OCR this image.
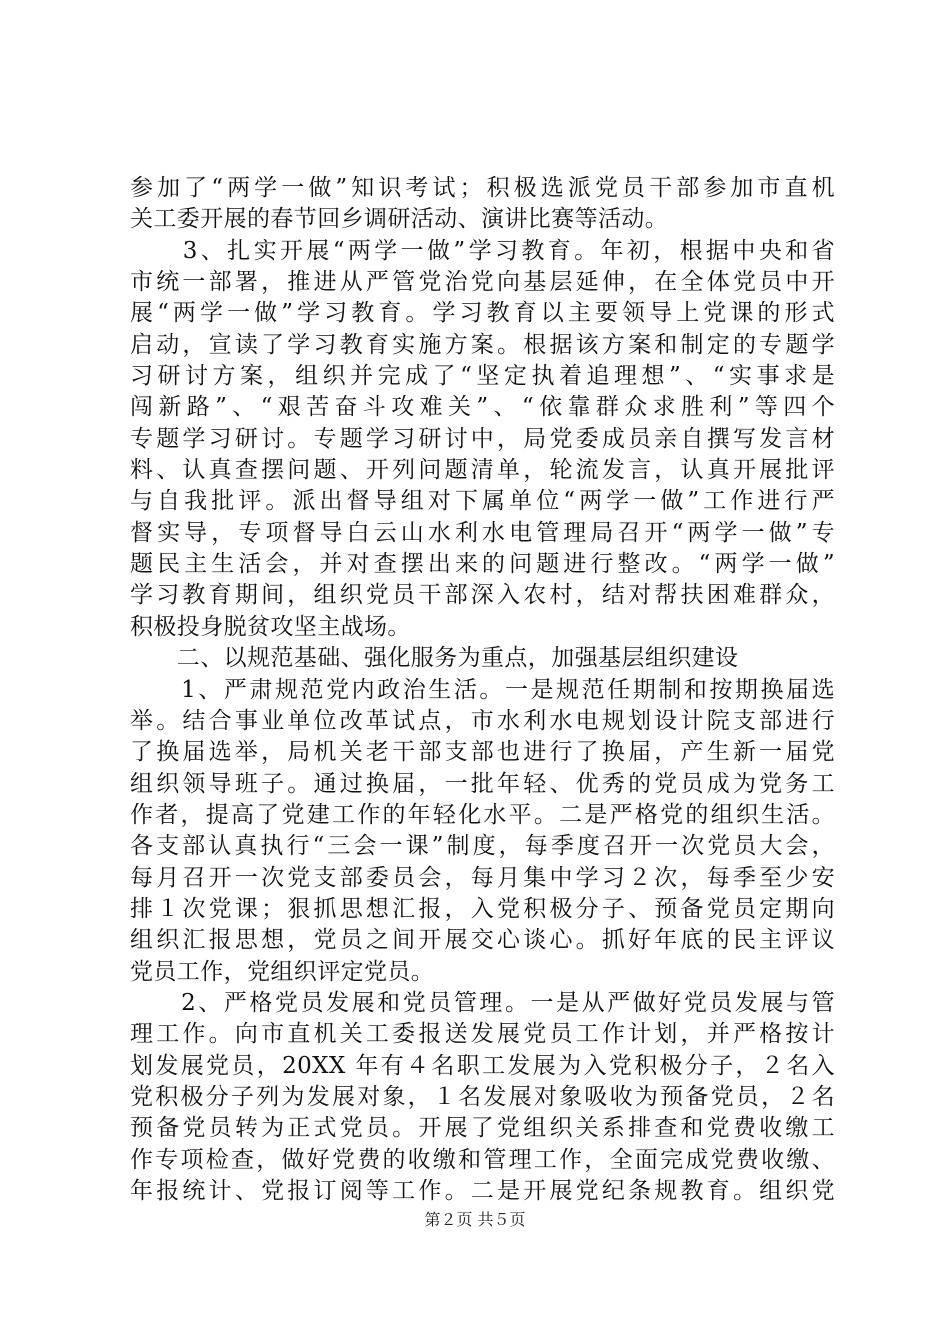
参加了“两学一做”知识考试；积极选派党员干部参加市直机
关工委开展的春节回乡调研活动、演讲比赛等活动。
　　3、扎实开展“两学一做”学习教育。年初，根据中央和省
市统一部署，推进从严管党治党向基层延伸，在全体党员中开
展“两学一做”学习教育。学习教育以主要领导上党课的形式
启动，宣读了学习教育实施方案。根据该方案和制定的专题学
习研讨方案，组织并完成了“坚定执着追理想”、“实事求是
闯新路”、“艰苦奋斗攻难关”、“依靠群众求胜利”等四个
专题学习研讨。专题学习研讨中，局党委成员亲自撰写发言材
料、认真查摆问题、开列问题清单，轮流发言，认真开展批评
与自我批评。派出督导组对下属单位“两学一做”工作进行严
督实导，专项督导白云山水利水电管理局召开“两学一做”专
题民主生活会，并对查摆出来的问题进行整改。“两学一做”
学习教育期间，组织党员干部深入农村，结对帮扶困难群众，
积极投身脱贫攻坚主战场。
　　二、以规范基础、强化服务为重点，加强基层组织建设
　　1、严肃规范党内政治生活。一是规范任期制和按期换届选
举。结合事业单位改革试点，市水利水电规划设计院支部进行
了换届选举，局机关老干部支部也进行了换届，产生新一届党
组织领导班子。通过换届，一批年轻、优秀的党员成为党务工
作者，提高了党建工作的年轻化水平。二是严格党的组织生活。
各支部认真执行“三会一课”制度，每季度召开一次党员大会，
每月召开一次党支部委员会，每月集中学习２次，每季至少安
排１次党课；狠抓思想汇报，入党积极分子、预备党员定期向
组织汇报思想，党员之间开展交心谈心。抓好年底的民主评议
党员工作，党组织评定党员。
　　2、严格党员发展和党员管理。一是从严做好党员发展与管
理工作。向市直机关工委报送发展党员工作计划，并严格按计
划发展党员，20XX 年有４名职工发展为入党积极分子，２名入
党积极分子列为发展对象，１名发展对象吸收为预备党员，２名
预备党员转为正式党员。开展了党组织关系排查和党费收缴工
作专项检查，做好党费的收缴和管理工作，全面完成党费收缴、
年报统计、党报订阅等工作。二是开展党纪条规教育。组织党
第２页 共５页
